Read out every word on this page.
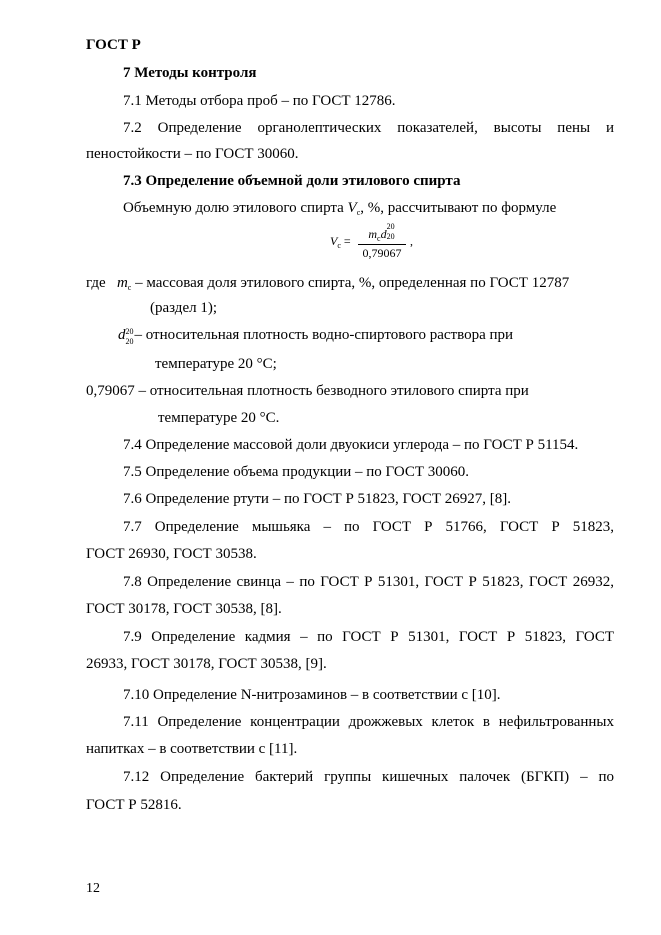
ГОСТ Р
7 Методы контроля
7.1 Методы отбора проб – по ГОСТ 12786.
7.2 Определение органолептических показателей, высоты пены и
пеностойкости – по ГОСТ 30060.
7.3 Определение объемной доли этилового спирта
Объемную долю этилового спирта $V_c$, %, рассчитывают по формуле
$V_c$ =	$m_cd$
20
20
0,79067
,
где $m_c$ – массовая доля этилового спирта, %, определенная по ГОСТ 12787
(раздел 1);
d 20
20 – относительная плотность водно-спиртового раствора при
температуре 20 °С;
0,79067 – относительная плотность безводного этилового спирта при
температуре 20 °С.
7.4 Определение массовой доли двуокиси углерода – по ГОСТ Р 51154.
7.5 Определение объема продукции – по ГОСТ 30060.
7.6 Определение ртути – по ГОСТ Р 51823, ГОСТ 26927, [8].
7.7 Определение мышьяка – по ГОСТ Р 51766, ГОСТ Р 51823,
ГОСТ 26930, ГОСТ 30538.
7.8 Определение свинца – по ГОСТ Р 51301, ГОСТ Р 51823, ГОСТ 26932,
ГОСТ 30178, ГОСТ 30538, [8].
7.9 Определение кадмия – по ГОСТ Р 51301, ГОСТ Р 51823, ГОСТ
26933, ГОСТ 30178, ГОСТ 30538, [9].
7.10 Определение N-нитрозаминов – в соответствии с [10].
7.11 Определение концентрации дрожжевых клеток в нефильтрованных
напитках – в соответствии с [11].
7.12 Определение бактерий группы кишечных палочек (БГКП) – по
ГОСТ Р 52816.
12
